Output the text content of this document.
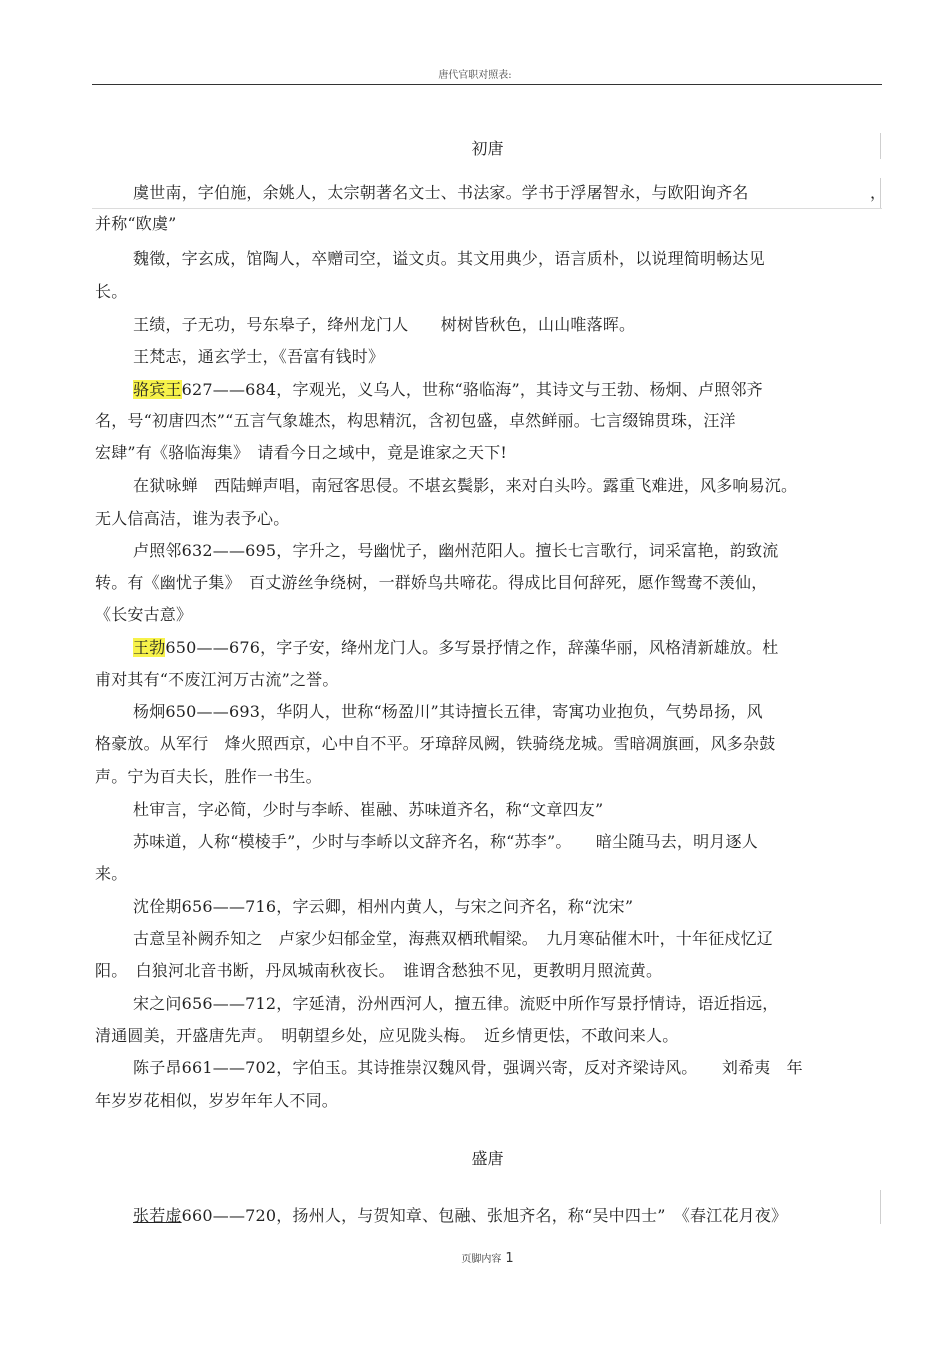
唐代官职对照表:
初唐
虞世南，字伯施，余姚人，太宗朝著名文士、书法家。学书于浮屠智永，与欧阳询齐名	，
并称“欧虞”
魏徵，字玄成，馆陶人，卒赠司空，谥文贞。其文用典少，语言质朴，以说理简明畅达见
长。
王绩，子无功，号东皋子，绛州龙门人　　树树皆秋色，山山唯落晖。
王梵志，通玄学士，《吾富有钱时》
骆宾王627——684，字观光，义乌人，世称“骆临海”，其诗文与王勃、杨炯、卢照邻齐
名，号“初唐四杰”“五言气象雄杰，构思精沉，含初包盛，卓然鲜丽。七言缀锦贯珠，汪洋
宏肆”有《骆临海集》　请看今日之域中，竟是谁家之天下!
在狱咏蝉　西陆蝉声唱，南冠客思侵。不堪玄鬓影，来对白头吟。露重飞难进，风多响易沉。
无人信高洁，谁为表予心。
卢照邻632——695，字升之，号幽忧子，幽州范阳人。擅长七言歌行，词采富艳，韵致流
转。有《幽忧子集》　百丈游丝争绕树，一群娇鸟共啼花。得成比目何辞死，愿作鸳鸯不羡仙，
《长安古意》
王勃650——676，字子安，绛州龙门人。多写景抒情之作，辞藻华丽，风格清新雄放。杜
甫对其有“不废江河万古流”之誉。
杨炯650——693，华阴人，世称“杨盈川”其诗擅长五律，寄寓功业抱负，气势昂扬，风
格豪放。从军行　烽火照西京，心中自不平。牙璋辞凤阙，铁骑绕龙城。雪暗凋旗画，风多杂鼓
声。宁为百夫长，胜作一书生。
杜审言，字必简，少时与李峤、崔融、苏味道齐名，称“文章四友”
苏味道，人称“模棱手”，少时与李峤以文辞齐名，称“苏李”。　　暗尘随马去，明月逐人
来。
沈佺期656——716，字云卿，相州内黄人，与宋之问齐名，称“沈宋”
古意呈补阙乔知之　卢家少妇郁金堂，海燕双栖玳帽梁。　九月寒砧催木叶，十年征戍忆辽
阳。　白狼河北音书断，丹凤城南秋夜长。　谁谓含愁独不见，更教明月照流黄。
宋之问656——712，字延清，汾州西河人，擅五律。流贬中所作写景抒情诗，语近指远，
清通圆美，开盛唐先声。　明朝望乡处，应见陇头梅。　近乡情更怯，不敢问来人。
陈子昂661——702，字伯玉。其诗推崇汉魏风骨，强调兴寄，反对齐梁诗风。　　刘希夷　年
年岁岁花相似，岁岁年年人不同。
盛唐
张若虚660——720，扬州人，与贺知章、包融、张旭齐名，称“吴中四士”　《春江花月夜》
页脚内容 1
